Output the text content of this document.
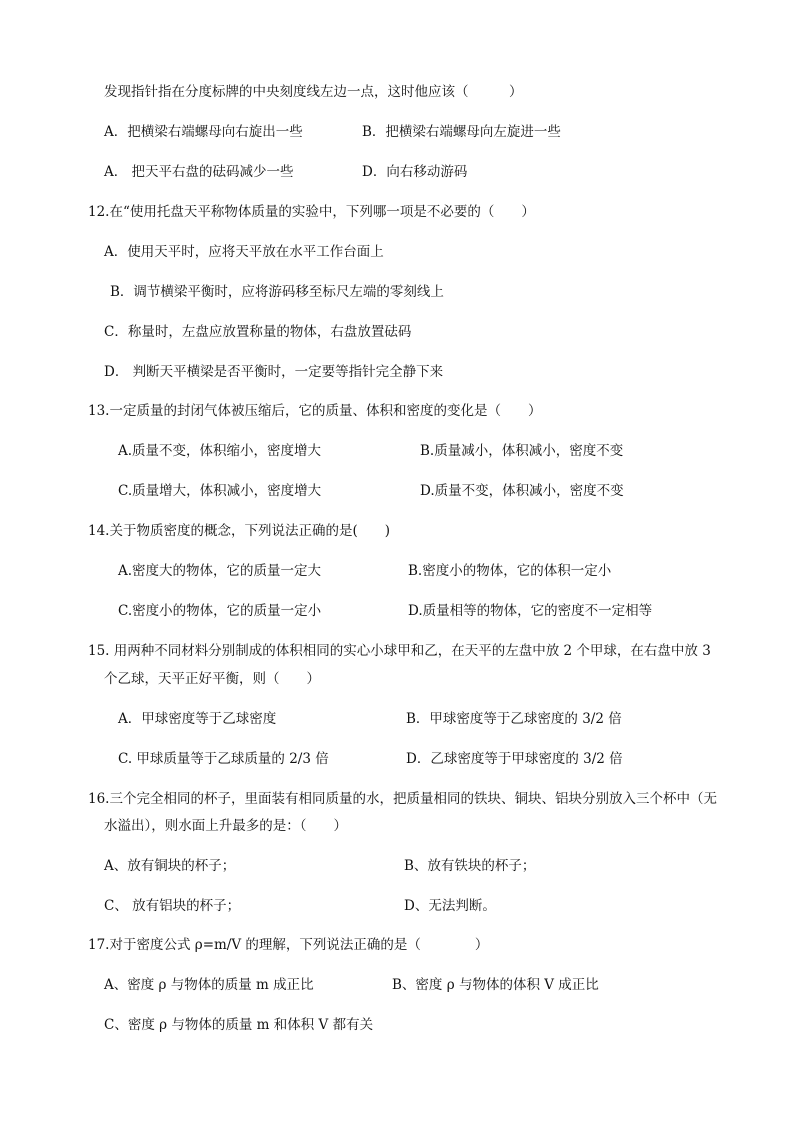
发现指针指在分度标牌的中央刻度线左边一点，这时他应该（　　　）
A．把横梁右端螺母向右旋出一些	B．把横梁右端螺母向左旋进一些
A． 把天平右盘的砝码减少一些	D．向右移动游码
12.在“使用托盘天平称物体质量的实验中，下列哪一项是不必要的（　　）
A．使用天平时，应将天平放在水平工作台面上
B．调节横梁平衡时，应将游码移至标尺左端的零刻线上
C．称量时，左盘应放置称量的物体，右盘放置砝码
D． 判断天平横梁是否平衡时，一定要等指针完全静下来
13.一定质量的封闭气体被压缩后，它的质量、体积和密度的变化是（　　）
A.质量不变，体积缩小，密度增大	B.质量减小，体积减小，密度不变
C.质量增大，体积减小，密度增大	D.质量不变，体积减小，密度不变
14.关于物质密度的概念，下列说法正确的是(　　)
A.密度大的物体，它的质量一定大	B.密度小的物体，它的体积一定小
C.密度小的物体，它的质量一定小	D.质量相等的物体，它的密度不一定相等
15. 用两种不同材料分别制成的体积相同的实心小球甲和乙，在天平的左盘中放 2 个甲球，在右盘中放 3
个乙球，天平正好平衡，则（　　）
A．甲球密度等于乙球密度	B．甲球密度等于乙球密度的 3/2 倍
C. 甲球质量等于乙球质量的 2/3 倍	D．乙球密度等于甲球密度的 3/2 倍
16.三个完全相同的杯子，里面装有相同质量的水，把质量相同的铁块、铜块、铝块分别放入三个杯中（无
水溢出），则水面上升最多的是：（　　）
A、放有铜块的杯子；	B、放有铁块的杯子；
C、 放有铝块的杯子；	D、无法判断。
17.对于密度公式 ρ=m/V 的理解，下列说法正确的是（　　　　）
A、密度 ρ 与物体的质量 m 成正比	B、密度 ρ 与物体的体积 V 成正比
C、密度 ρ 与物体的质量 m 和体积 V 都有关
